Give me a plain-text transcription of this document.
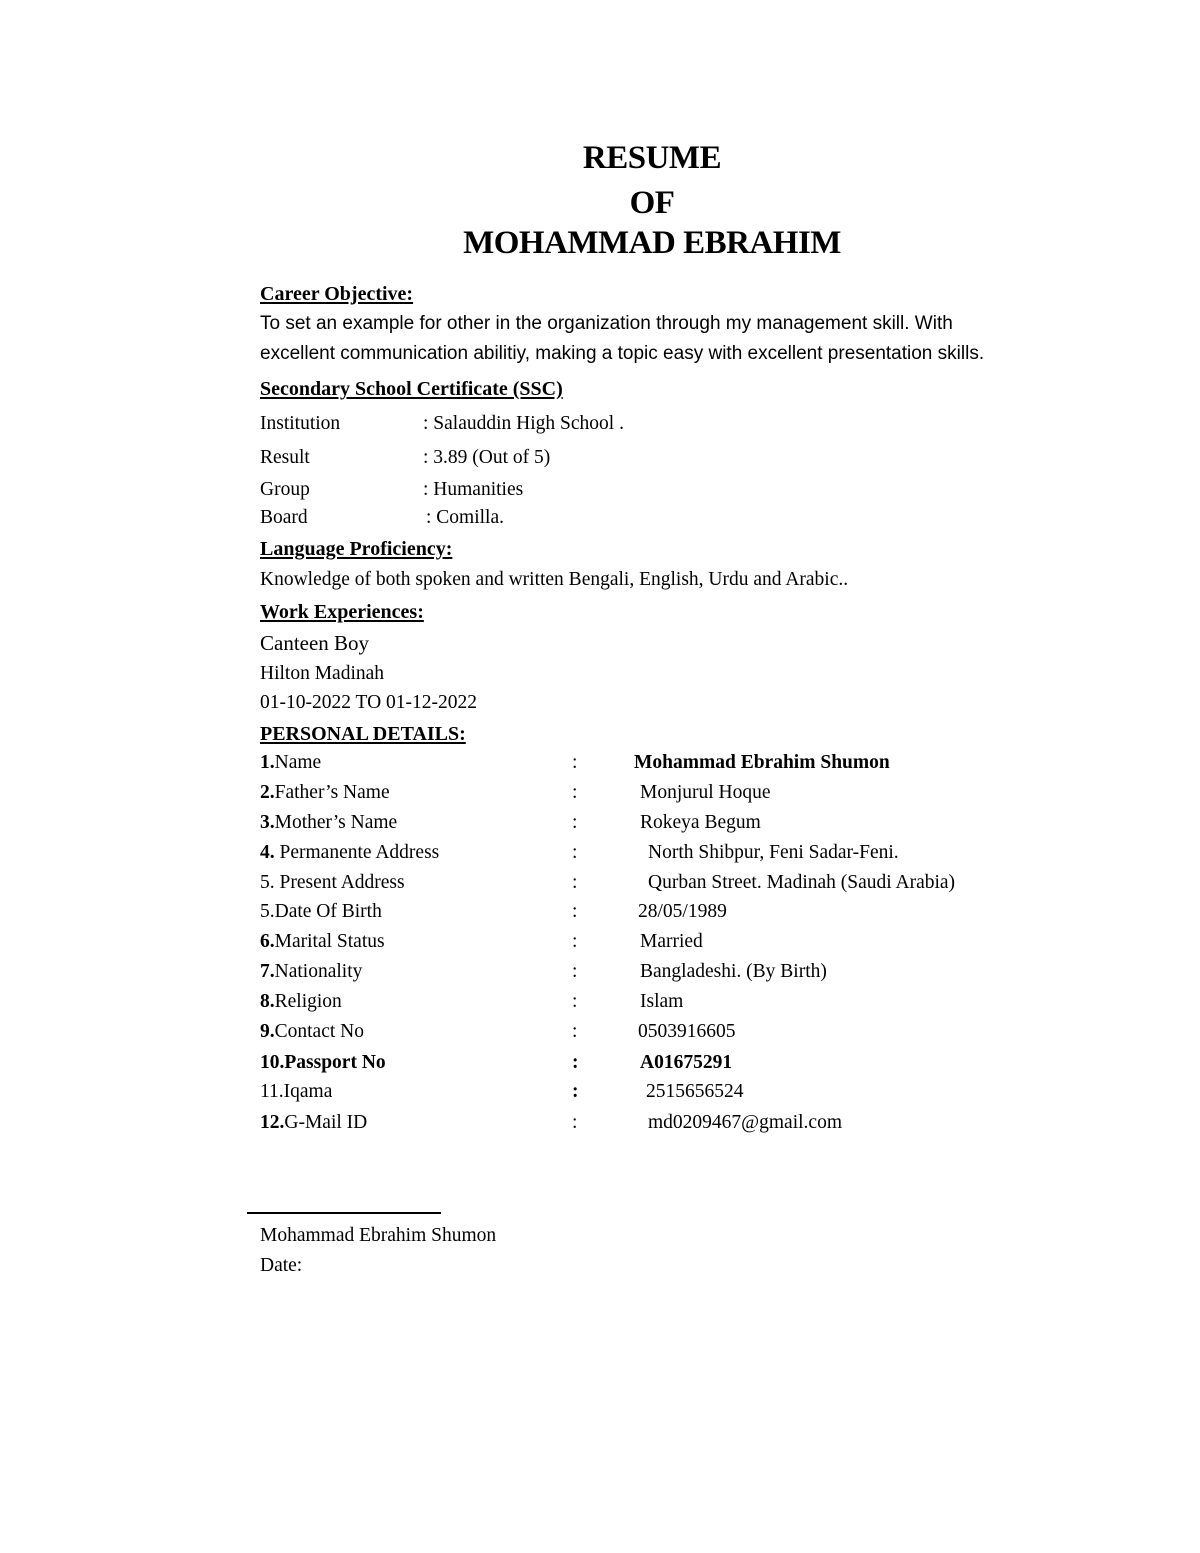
RESUME
OF
MOHAMMAD EBRAHIM
Career Objective:
To set an example for other in the organization through my management skill. With
excellent communication abilitiy, making a topic easy with excellent presentation skills.
Secondary School Certificate (SSC)
Institution	: Salauddin High School .
Result	: 3.89 (Out of 5)
Group	: Humanities
Board	: Comilla.
Language Proficiency:
Knowledge of both spoken and written Bengali, English, Urdu and Arabic..
Work Experiences:
Canteen Boy
Hilton Madinah
01-10-2022 TO 01-12-2022
PERSONAL DETAILS:
1.Name	:	Mohammad Ebrahim Shumon
2.Father’s Name	:	Monjurul Hoque
3.Mother’s Name	:	Rokeya Begum
4. Permanente Address	:	North Shibpur, Feni Sadar-Feni.
5. Present Address	:	Qurban Street. Madinah (Saudi Arabia)
5.Date Of Birth	:	28/05/1989
6.Marital Status	:	Married
7.Nationality	:	Bangladeshi. (By Birth)
8.Religion	:	Islam
9.Contact No	:	0503916605
10.Passport No	:	A01675291
11.Iqama	:	2515656524
12.G-Mail ID	:	md0209467@gmail.com
Mohammad Ebrahim Shumon
Date:
